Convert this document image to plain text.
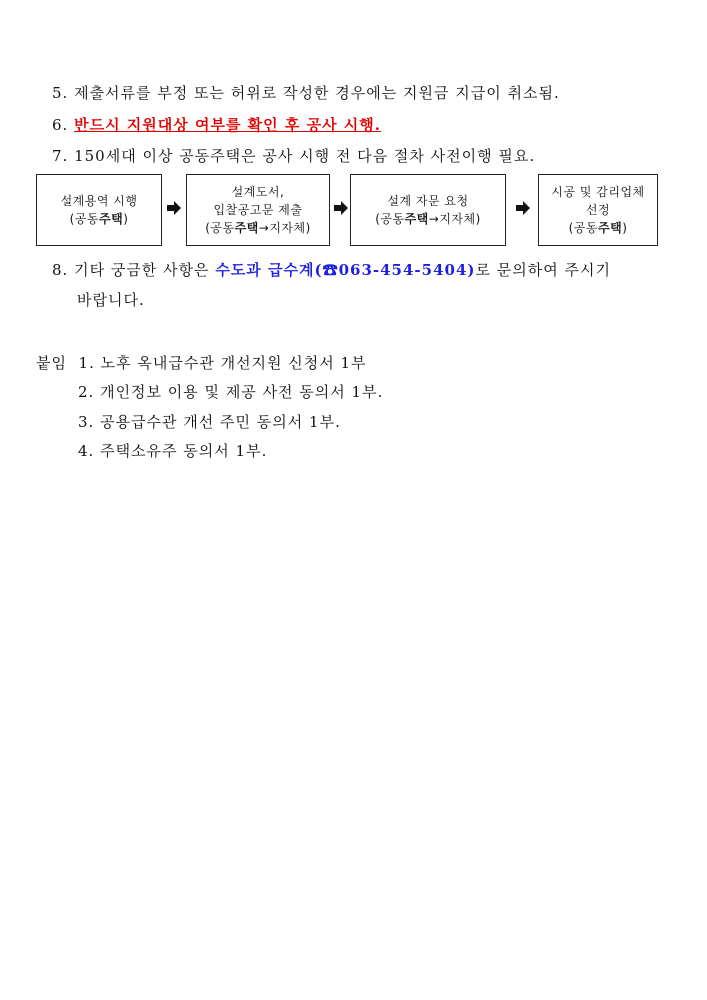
5. 제출서류를 부정 또는 허위로 작성한 경우에는 지원금 지급이 취소됨.
6. 반드시 지원대상 여부를 확인 후 공사 시행.
7. 150세대 이상 공동주택은 공사 시행 전 다음 절차 사전이행 필요.
설계용역 시행
(공동주택)
설계도서,
입찰공고문 제출
(공동주택→지자체)
설계 자문 요청
(공동주택→지자체)
시공 및 감리업체
선정
(공동주택)
8. 기타 궁금한 사항은 수도과 급수계(☎063-454-5404)로 문의하여 주시기
바랍니다.
붙임 1. 노후 옥내급수관 개선지원 신청서 1부
2. 개인정보 이용 및 제공 사전 동의서 1부.
3. 공용급수관 개선 주민 동의서 1부.
4. 주택소유주 동의서 1부.
